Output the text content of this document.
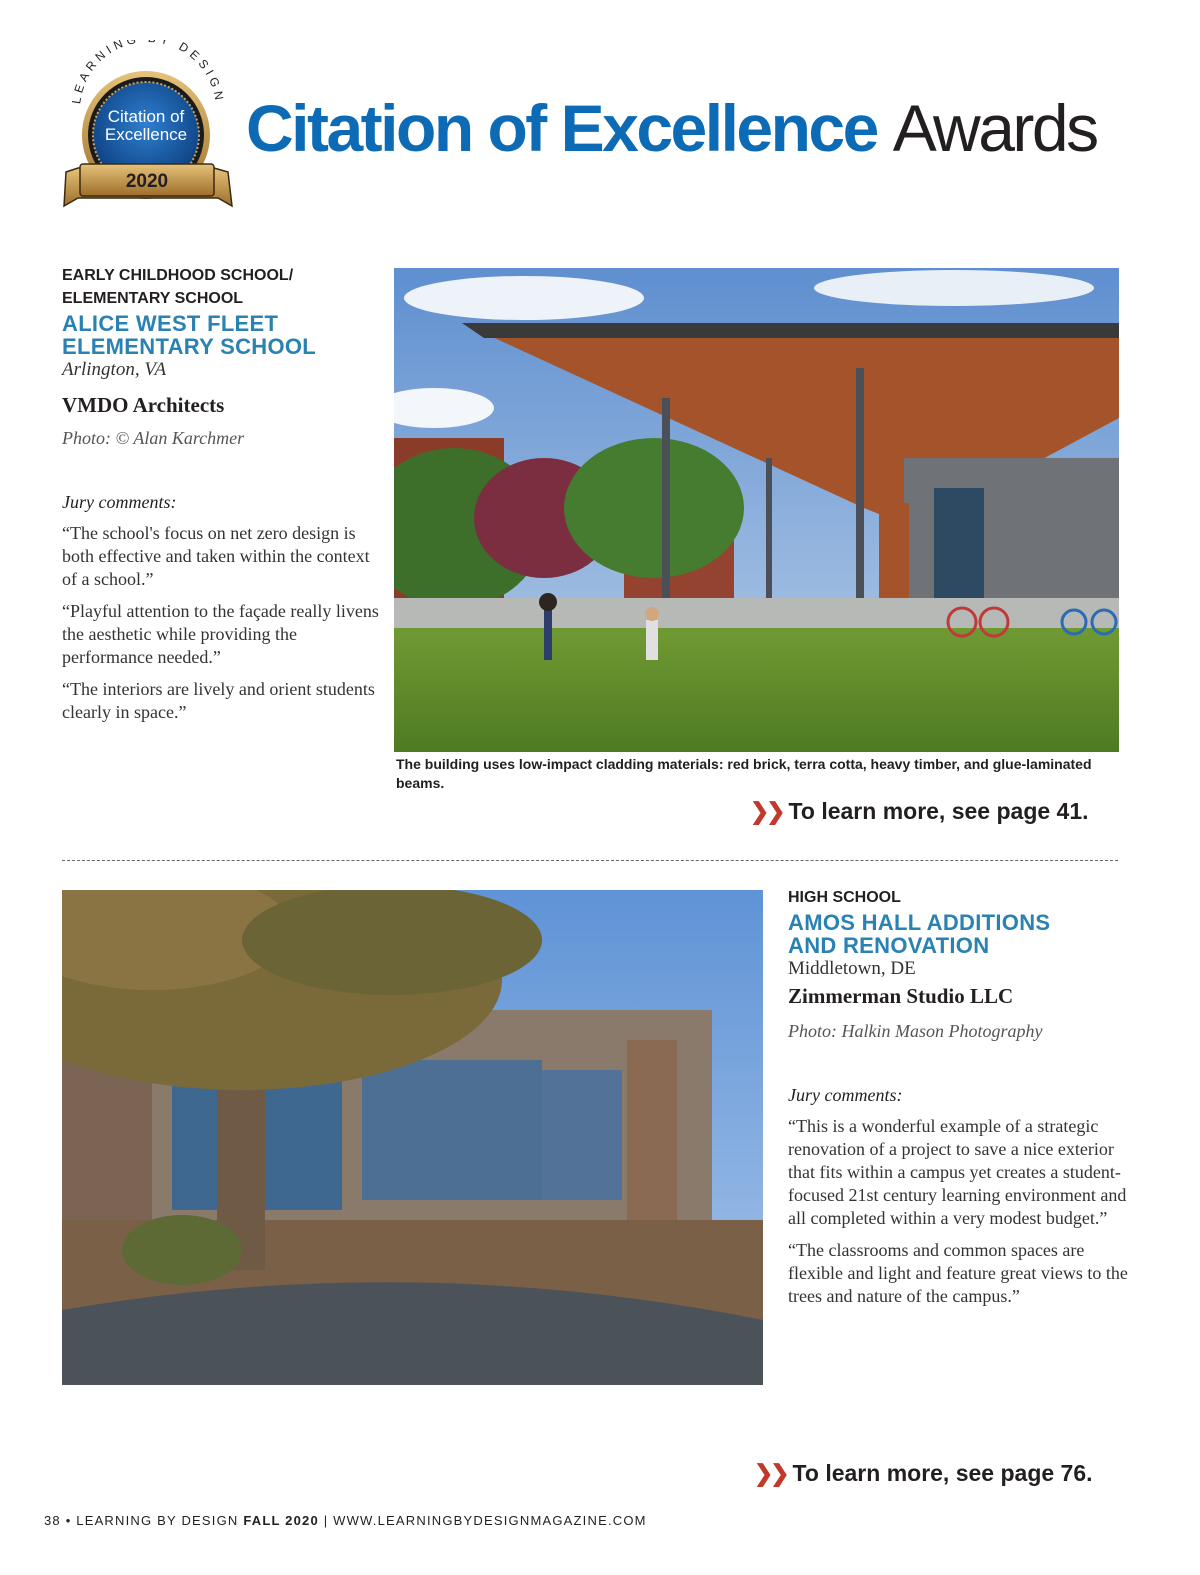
LEARNIN Y DESIGN
Citation of
Excellence
2020
Citation of Excellence Awards
EARLY CHILDHOOD SCHOOL/
ELEMENTARY SCHOOL
ALICE WEST FLEET
ELEMENTARY SCHOOL
Arlington, VA
VMDO Architects
Photo: © Alan Karchmer
Jury comments:

“The school's focus on net zero design is both effective and taken within the context of a school.”

“Playful attention to the façade really livens the aesthetic while providing the performance needed.”

“The interiors are lively and orient students clearly in space.”

The building uses low-impact cladding materials: red brick, terra cotta, heavy timber, and glue-laminated beams.
❯❯ To learn more, see page 41.
HIGH SCHOOL
AMOS HALL ADDITIONS
AND RENOVATION
Middletown, DE
Zimmerman Studio LLC
Photo: Halkin Mason Photography
Jury comments:

“This is a wonderful example of a strategic renovation of a project to save a nice exterior that fits within a campus yet creates a student-focused 21st century learning environment and all completed within a very modest budget.”

“The classrooms and common spaces are flexible and light and feature great views to the trees and nature of the campus.”

❯❯ To learn more, see page 76.
38 • LEARNING BY DESIGN FALL 2020 | WWW.LEARNINGBYDESIGNMAGAZINE.COM
